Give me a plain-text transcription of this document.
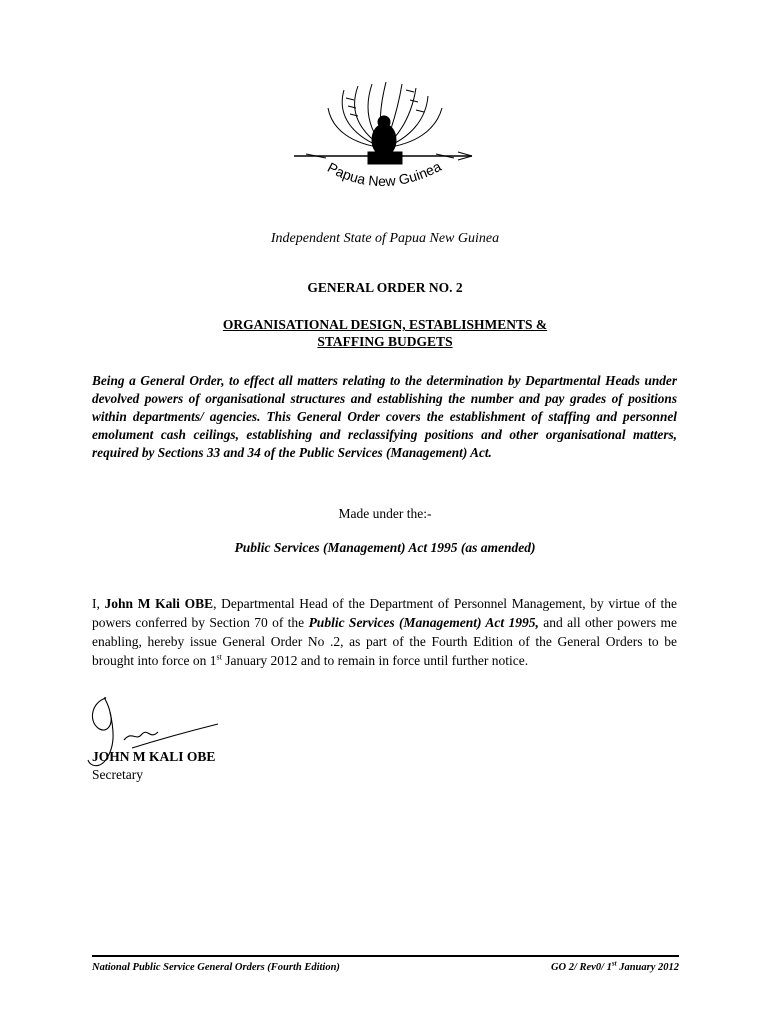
Papua New Guinea
Independent State of Papua New Guinea
GENERAL ORDER NO. 2
ORGANISATIONAL DESIGN, ESTABLISHMENTS &
STAFFING BUDGETS

Being a General Order, to effect all matters relating to the determination by Departmental Heads under devolved powers of organisational structures and establishing the number and pay grades of positions within departments/ agencies. This General Order covers the establishment of staffing and personnel emolument cash ceilings, establishing and reclassifying positions and other organisational matters, required by Sections 33 and 34 of the Public Services (Management) Act.

Made under the:-
Public Services (Management) Act 1995 (as amended)

I, John M Kali OBE, Departmental Head of the Department of Personnel Management, by virtue of the powers conferred by Section 70 of the Public Services (Management) Act 1995, and all other powers me enabling, hereby issue General Order No .2, as part of the Fourth Edition of the General Orders to be brought into force on 1st January 2012 and to remain in force until further notice.

JOHN M KALI OBE
Secretary
National Public Service General Orders (Fourth Edition)	GO 2/ Rev0/ 1st January 2012
